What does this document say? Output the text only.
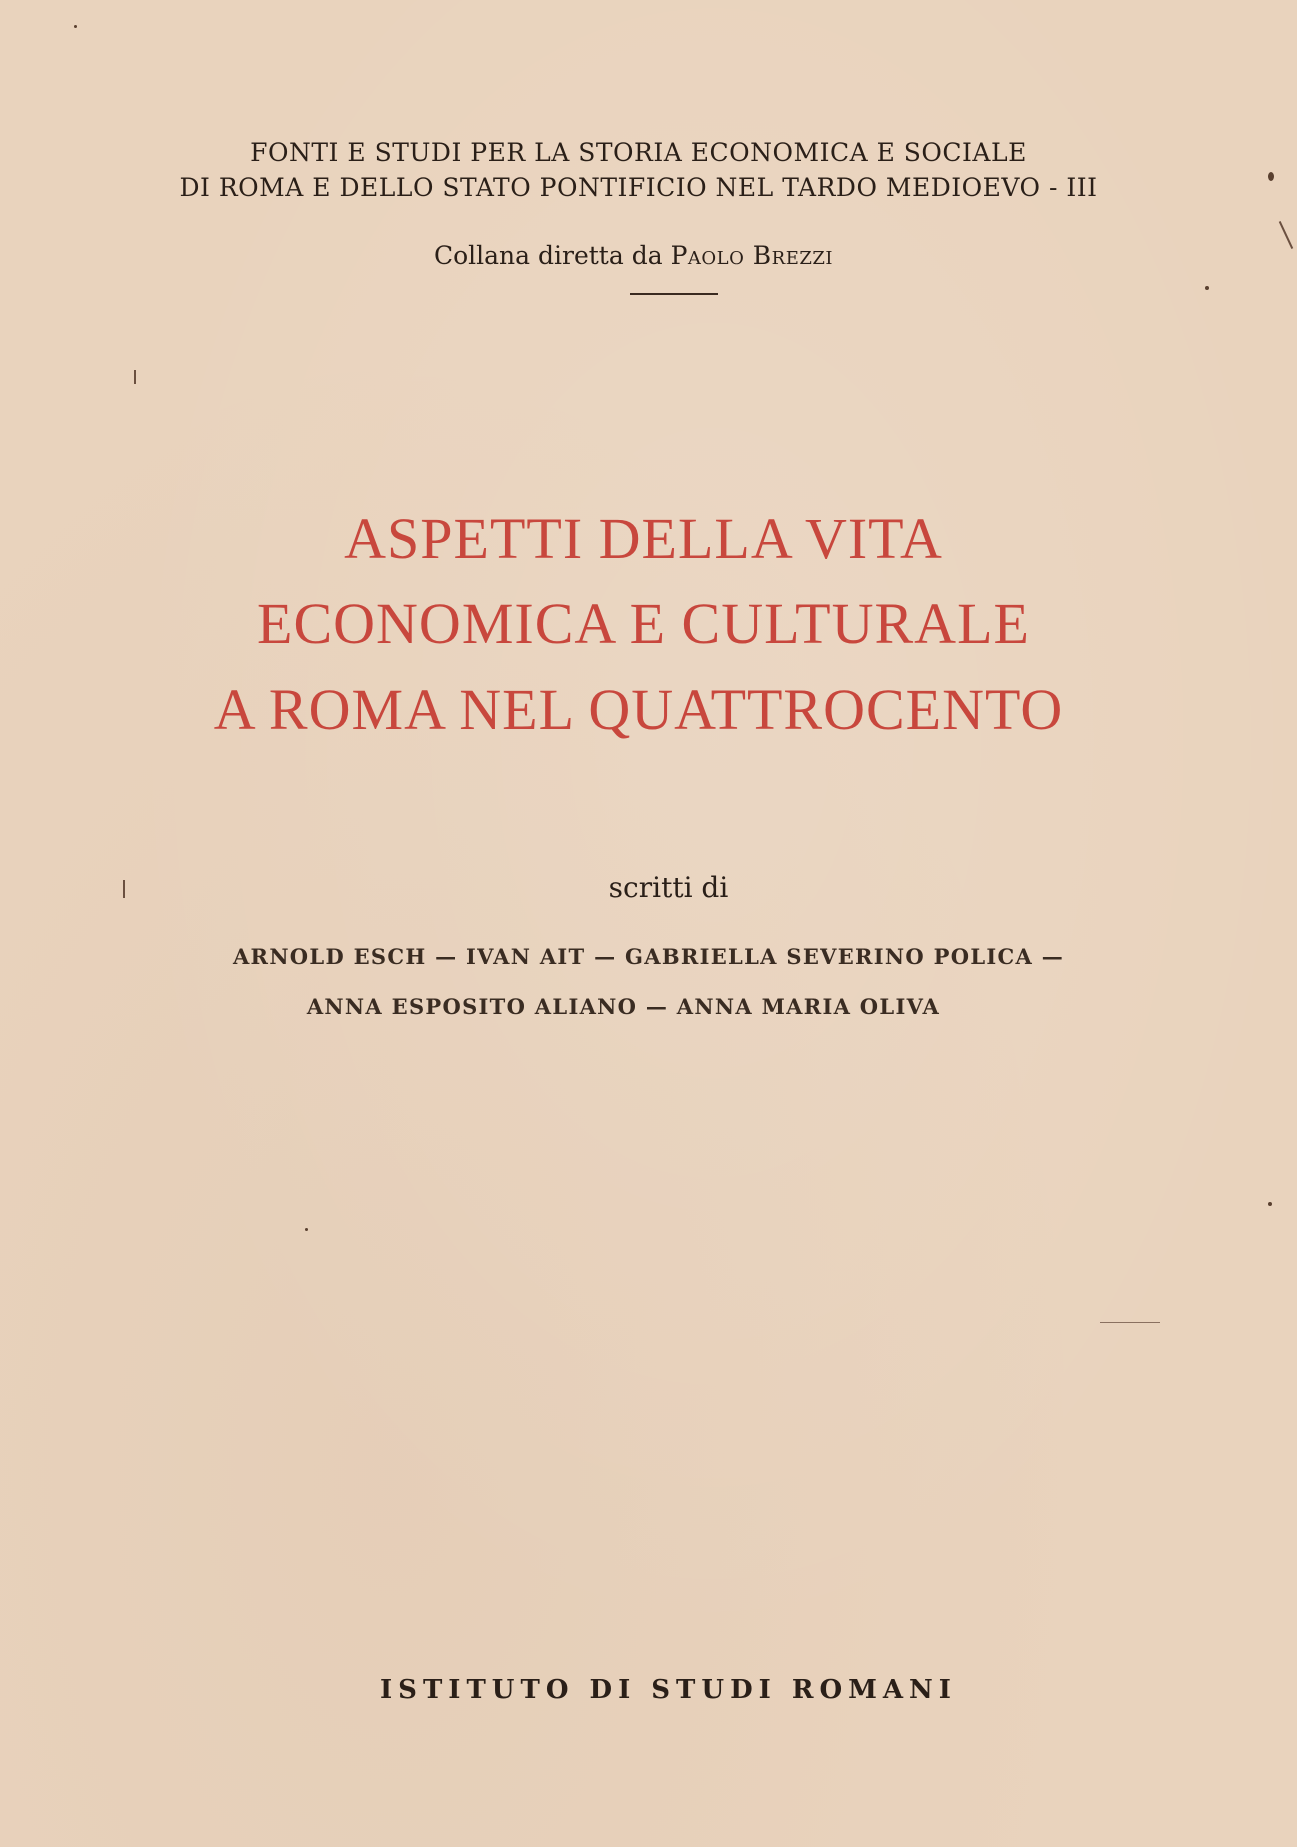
FONTI E STUDI PER LA STORIA ECONOMICA E SOCIALE
DI ROMA E DELLO STATO PONTIFICIO NEL TARDO MEDIOEVO - III
Collana diretta da Paolo Brezzi
ASPETTI DELLA VITA
ECONOMICA E CULTURALE
A ROMA NEL QUATTROCENTO
scritti di
ARNOLD ESCH — IVAN AIT — GABRIELLA SEVERINO POLICA —
ANNA ESPOSITO ALIANO — ANNA MARIA OLIVA
ISTITUTO DI STUDI ROMANI
